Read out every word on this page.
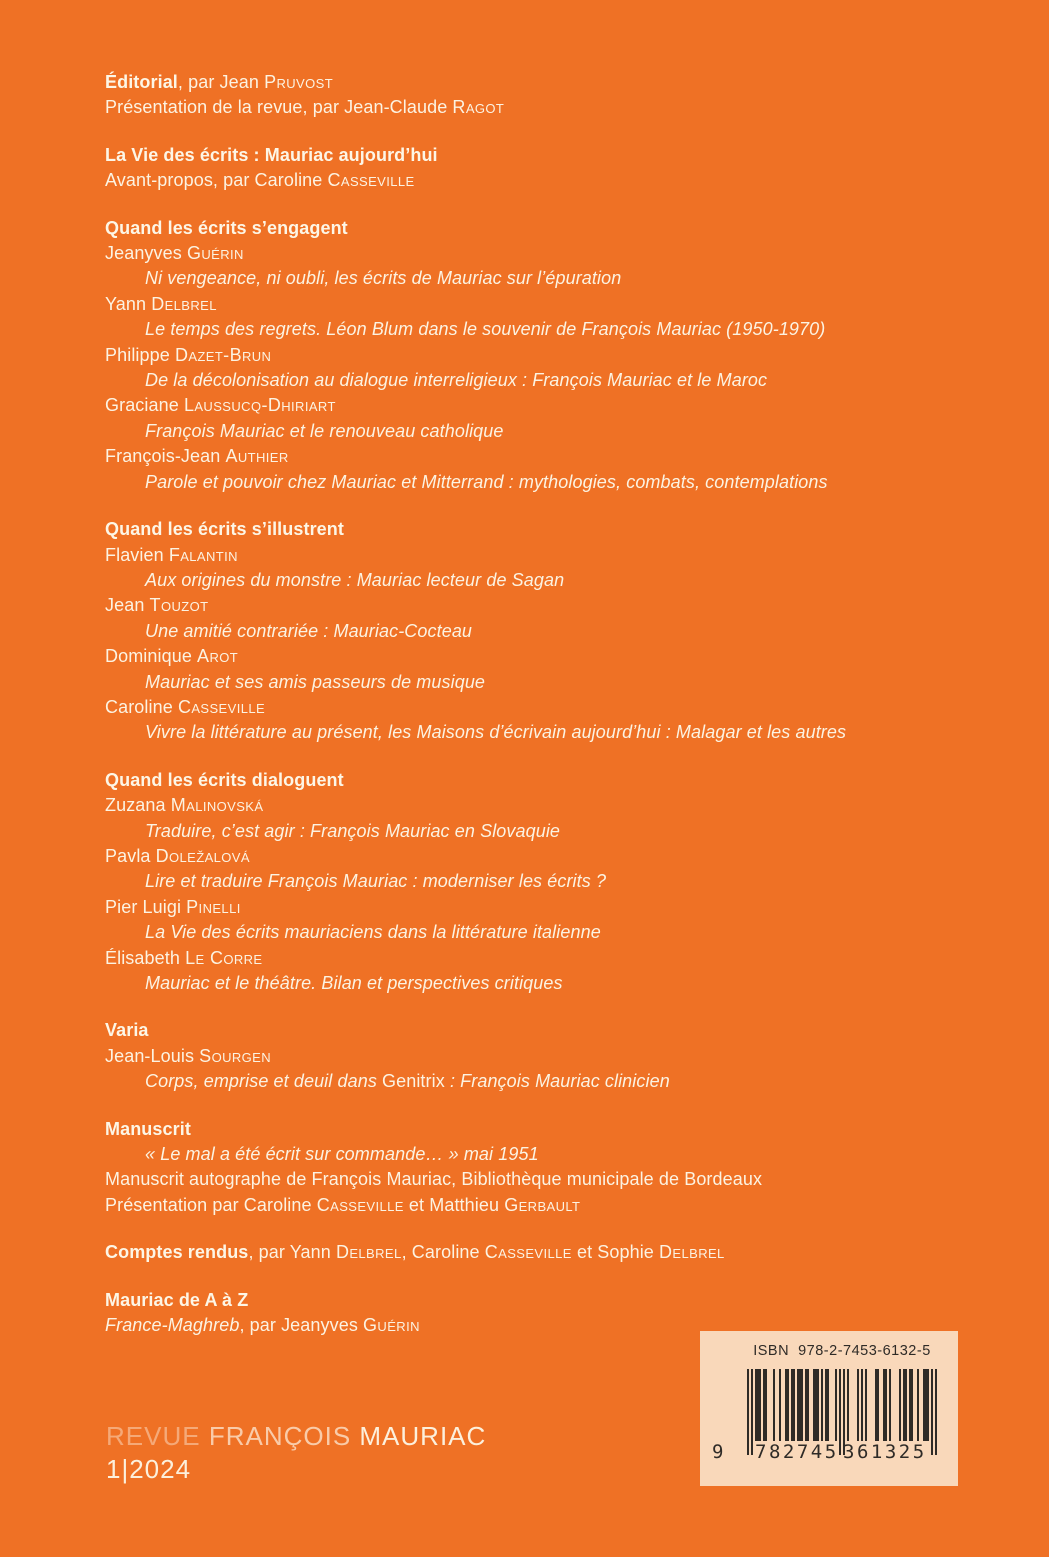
Éditorial, par Jean Pruvost
Présentation de la revue, par Jean-Claude Ragot
La Vie des écrits : Mauriac aujourd’hui
Avant-propos, par Caroline Casseville
Quand les écrits s’engagent
Jeanyves Guérin
Ni vengeance, ni oubli, les écrits de Mauriac sur l’épuration
Yann Delbrel
Le temps des regrets. Léon Blum dans le souvenir de François Mauriac (1950-1970)
Philippe Dazet-Brun
De la décolonisation au dialogue interreligieux : François Mauriac et le Maroc
Graciane Laussucq-Dhiriart
François Mauriac et le renouveau catholique
François-Jean Authier
Parole et pouvoir chez Mauriac et Mitterrand : mythologies, combats, contemplations
Quand les écrits s’illustrent
Flavien Falantin
Aux origines du monstre : Mauriac lecteur de Sagan
Jean Touzot
Une amitié contrariée : Mauriac-Cocteau
Dominique Arot
Mauriac et ses amis passeurs de musique
Caroline Casseville
Vivre la littérature au présent, les Maisons d’écrivain aujourd’hui : Malagar et les autres
Quand les écrits dialoguent
Zuzana Malinovská
Traduire, c’est agir : François Mauriac en Slovaquie
Pavla Doležalová
Lire et traduire François Mauriac : moderniser les écrits ?
Pier Luigi Pinelli
La Vie des écrits mauriaciens dans la littérature italienne
Élisabeth Le Corre
Mauriac et le théâtre. Bilan et perspectives critiques
Varia
Jean-Louis Sourgen
Corps, emprise et deuil dans Genitrix : François Mauriac clinicien
Manuscrit
« Le mal a été écrit sur commande… » mai 1951
Manuscrit autographe de François Mauriac, Bibliothèque municipale de Bordeaux
Présentation par Caroline Casseville et Matthieu Gerbault
Comptes rendus, par Yann Delbrel, Caroline Casseville et Sophie Delbrel
Mauriac de A à Z
France-Maghreb, par Jeanyves Guérin
REVUE FRANÇOIS MAURIAC
1|2024
ISBN  978-2-7453-6132-5
9 782745 361325
